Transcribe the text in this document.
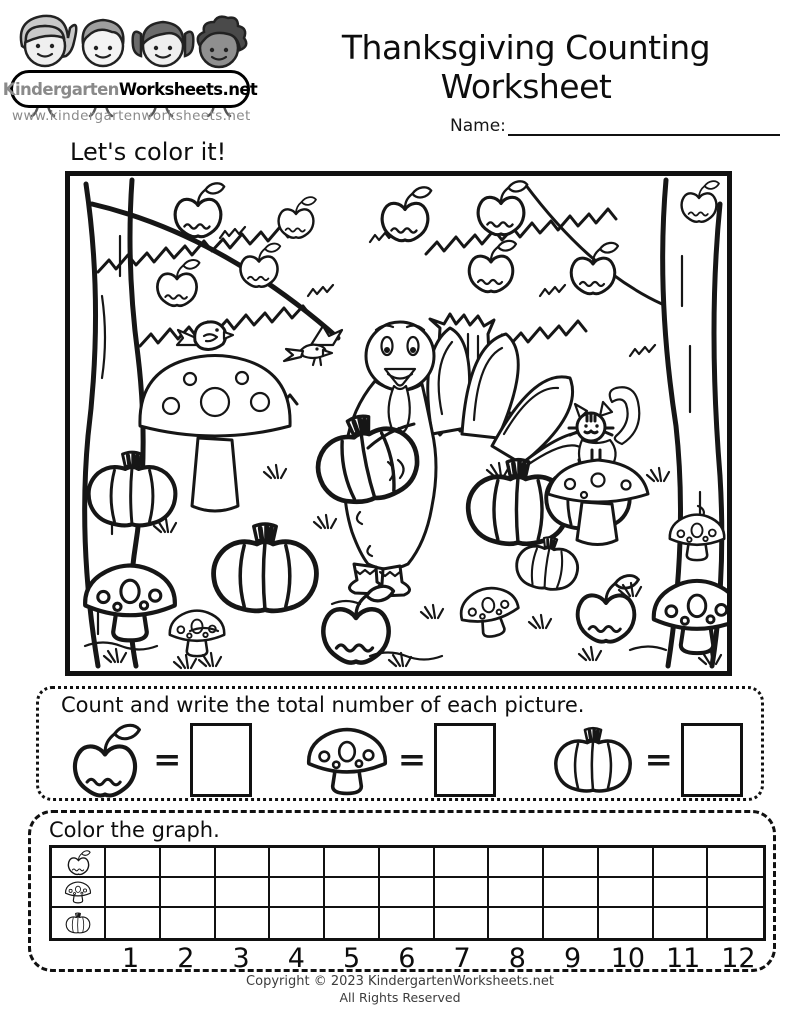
Kindergarten Worksheets.net
www.kindergartenworksheets.net
Thanksgiving Counting Worksheet
Name:
Let's color it!
Count and write the total number of each picture.
=	=	=
Color the graph.
1	2	3	4	5	6	7	8	9	10 11 12
Copyright © 2023 KindergartenWorksheets.net
All Rights Reserved
